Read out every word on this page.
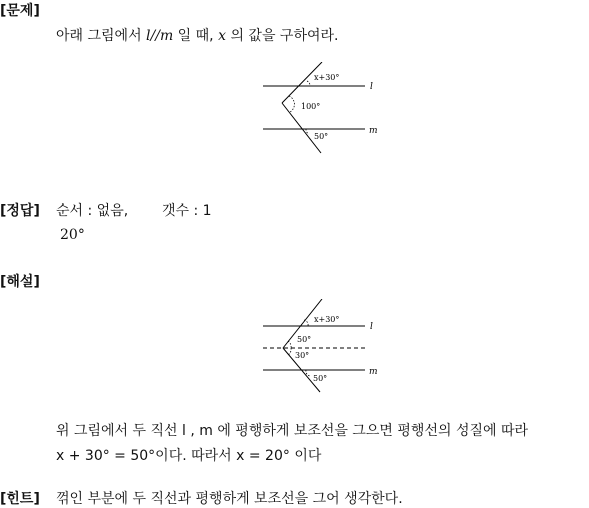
[문제]
아래 그림에서 l//m 일 때, x 의 값을 구하여라.
x+30°
100°
50°
l
m
[정답] 순서 : 없음, 갯수 : 1
20°
[해설]
x+30°
50°
30°
50°
l
m
위 그림에서 두 직선 l , m 에 평행하게 보조선을 그으면 평행선의 성질에 따라
x + 30° = 50°이다. 따라서 x = 20° 이다
[힌트] 꺾인 부분에 두 직선과 평행하게 보조선을 그어 생각한다.
